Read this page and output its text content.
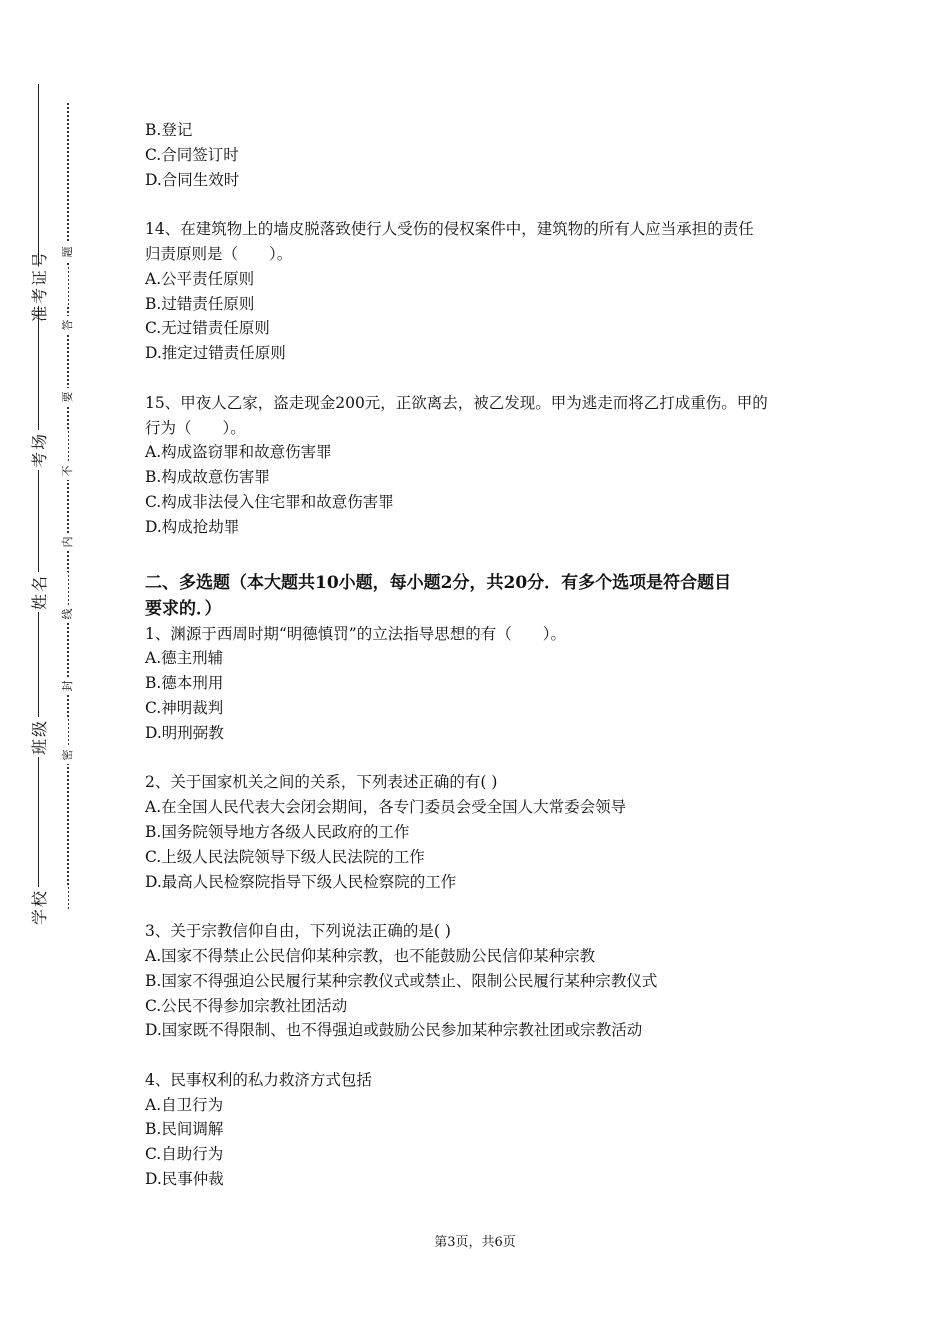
准考证号
考场
姓名
班级
学校
题
答
要
不
内
线
封
密
B.登记
C.合同签订时
D.合同生效时
14、在建筑物上的墙皮脱落致使行人受伤的侵权案件中，建筑物的所有人应当承担的责任
归责原则是（　　）。
A.公平责任原则
B.过错责任原则
C.无过错责任原则
D.推定过错责任原则
15、甲夜人乙家，盗走现金200元，正欲离去，被乙发现。甲为逃走而将乙打成重伤。甲的
行为（　　）。
A.构成盗窃罪和故意伤害罪
B.构成故意伤害罪
C.构成非法侵入住宅罪和故意伤害罪
D.构成抢劫罪
二、多选题（本大题共10小题，每小题2分，共20分．有多个选项是符合题目
要求的．）
1、渊源于西周时期“明德慎罚”的立法指导思想的有（　　）。
A.德主刑辅
B.德本刑用
C.神明裁判
D.明刑弼教
2、关于国家机关之间的关系，下列表述正确的有( )
A.在全国人民代表大会闭会期间，各专门委员会受全国人大常委会领导
B.国务院领导地方各级人民政府的工作
C.上级人民法院领导下级人民法院的工作
D.最高人民检察院指导下级人民检察院的工作
3、关于宗教信仰自由，下列说法正确的是( )
A.国家不得禁止公民信仰某种宗教，也不能鼓励公民信仰某种宗教
B.国家不得强迫公民履行某种宗教仪式或禁止、限制公民履行某种宗教仪式
C.公民不得参加宗教社团活动
D.国家既不得限制、也不得强迫或鼓励公民参加某种宗教社团或宗教活动
4、民事权利的私力救济方式包括
A.自卫行为
B.民间调解
C.自助行为
D.民事仲裁
第3页，共6页
